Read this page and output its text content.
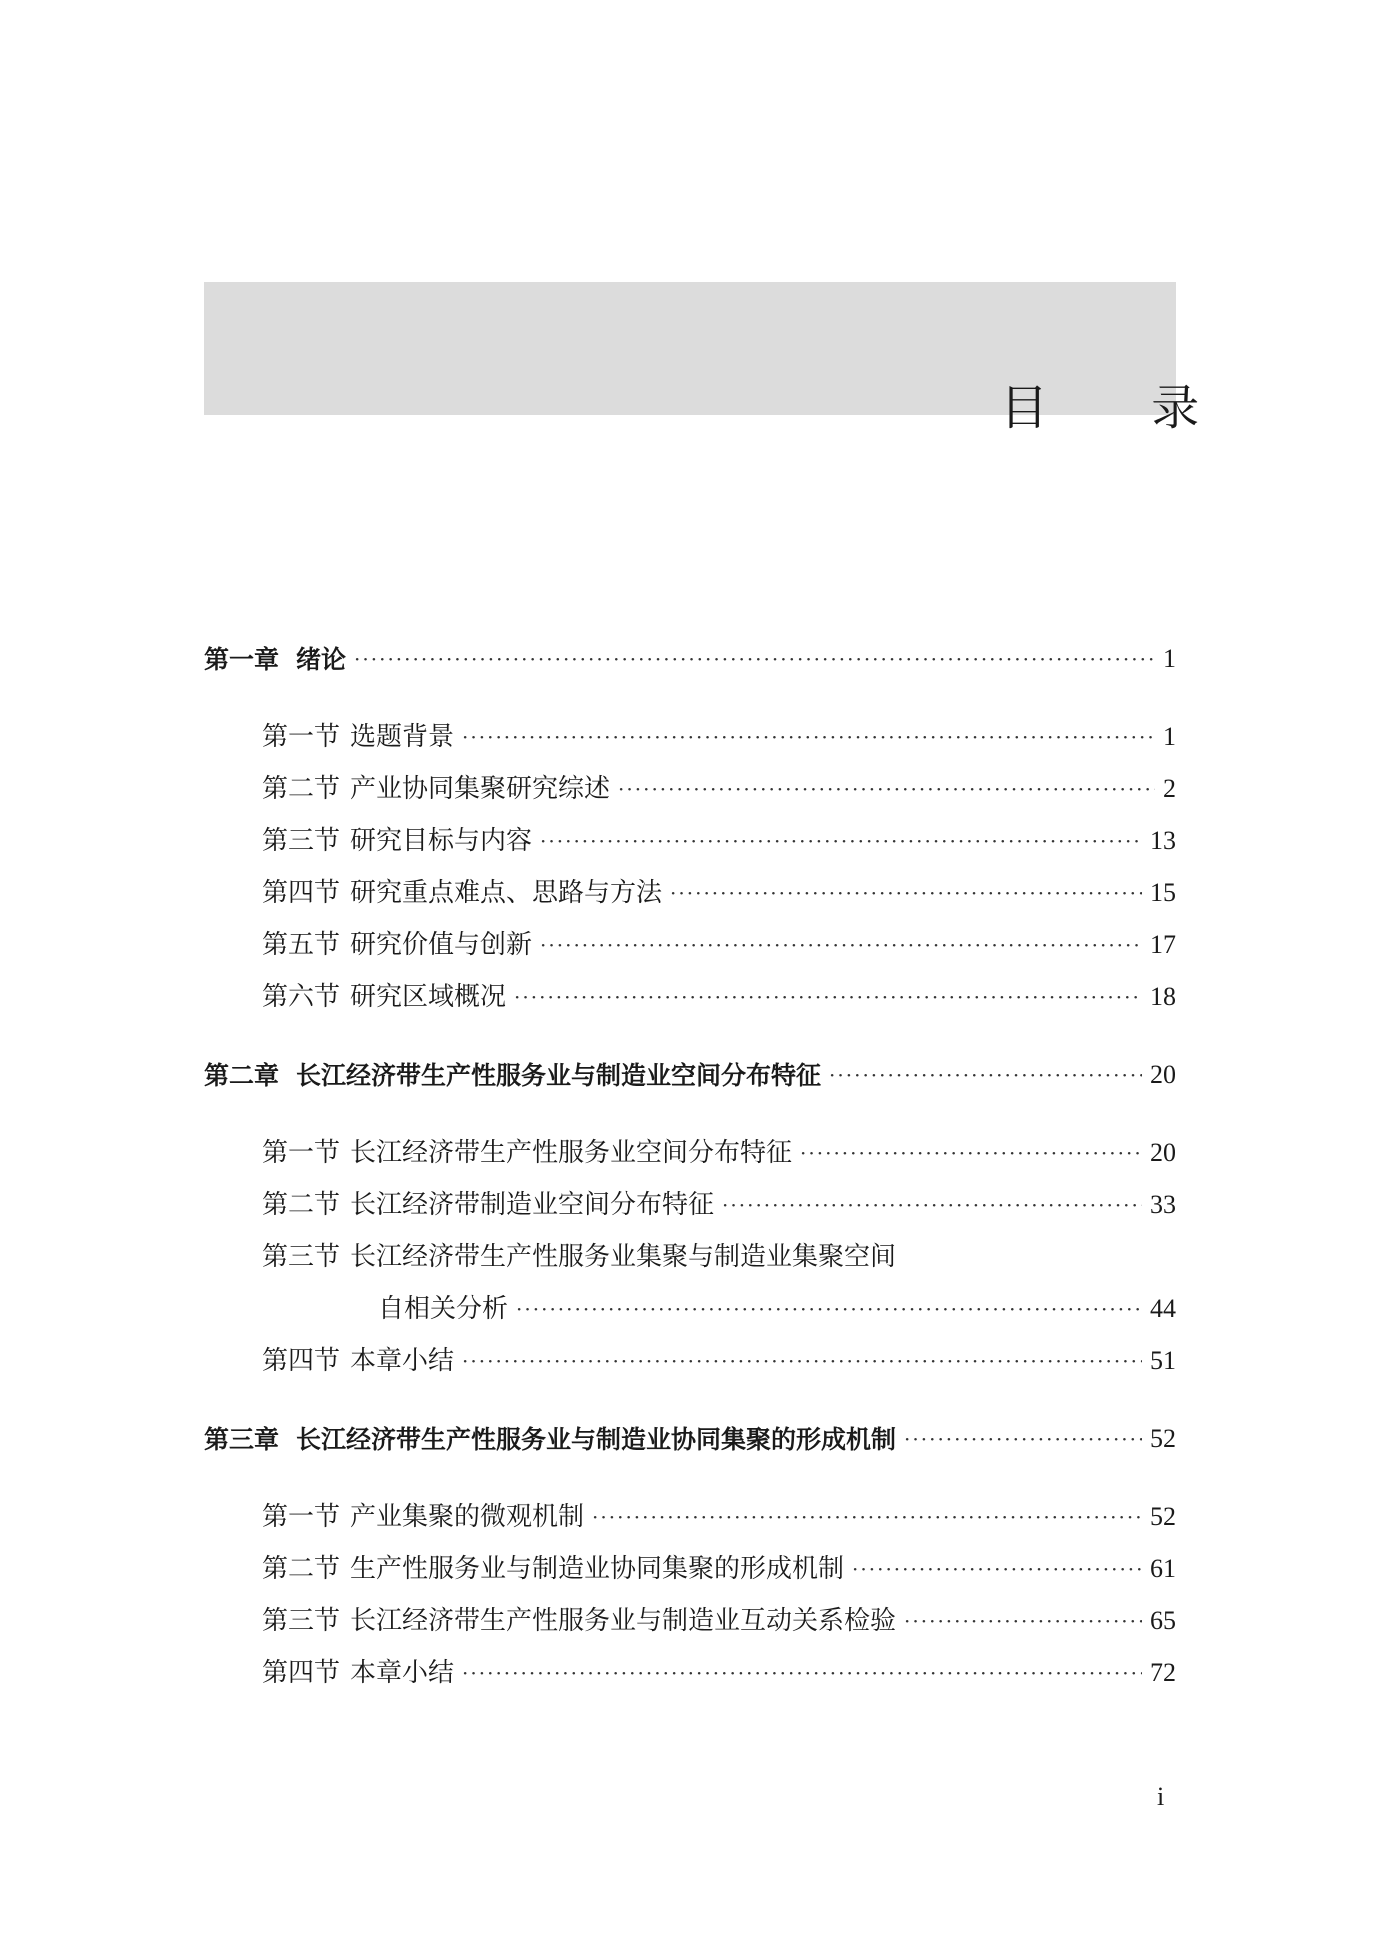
目 录
第一章 绪论 ·····	1
第一节 选题背景 ·····	1
第二节 产业协同集聚研究综述 ·····	2
第三节 研究目标与内容 ·····	13
第四节 研究重点难点、思路与方法 ·····	15
第五节 研究价值与创新 ·····	17
第六节 研究区域概况 ·····	18
第二章 长江经济带生产性服务业与制造业空间分布特征 ·····	20
第一节 长江经济带生产性服务业空间分布特征 ·····	20
第二节 长江经济带制造业空间分布特征 ·····	33
第三节 长江经济带生产性服务业集聚与制造业集聚空间
自相关分析 ·····	44
第四节 本章小结 ·····	51
第三章 长江经济带生产性服务业与制造业协同集聚的形成机制 ·····	52
第一节 产业集聚的微观机制 ·····	52
第二节 生产性服务业与制造业协同集聚的形成机制 ·····	61
第三节 长江经济带生产性服务业与制造业互动关系检验 ·····	65
第四节 本章小结 ·····	72
i
